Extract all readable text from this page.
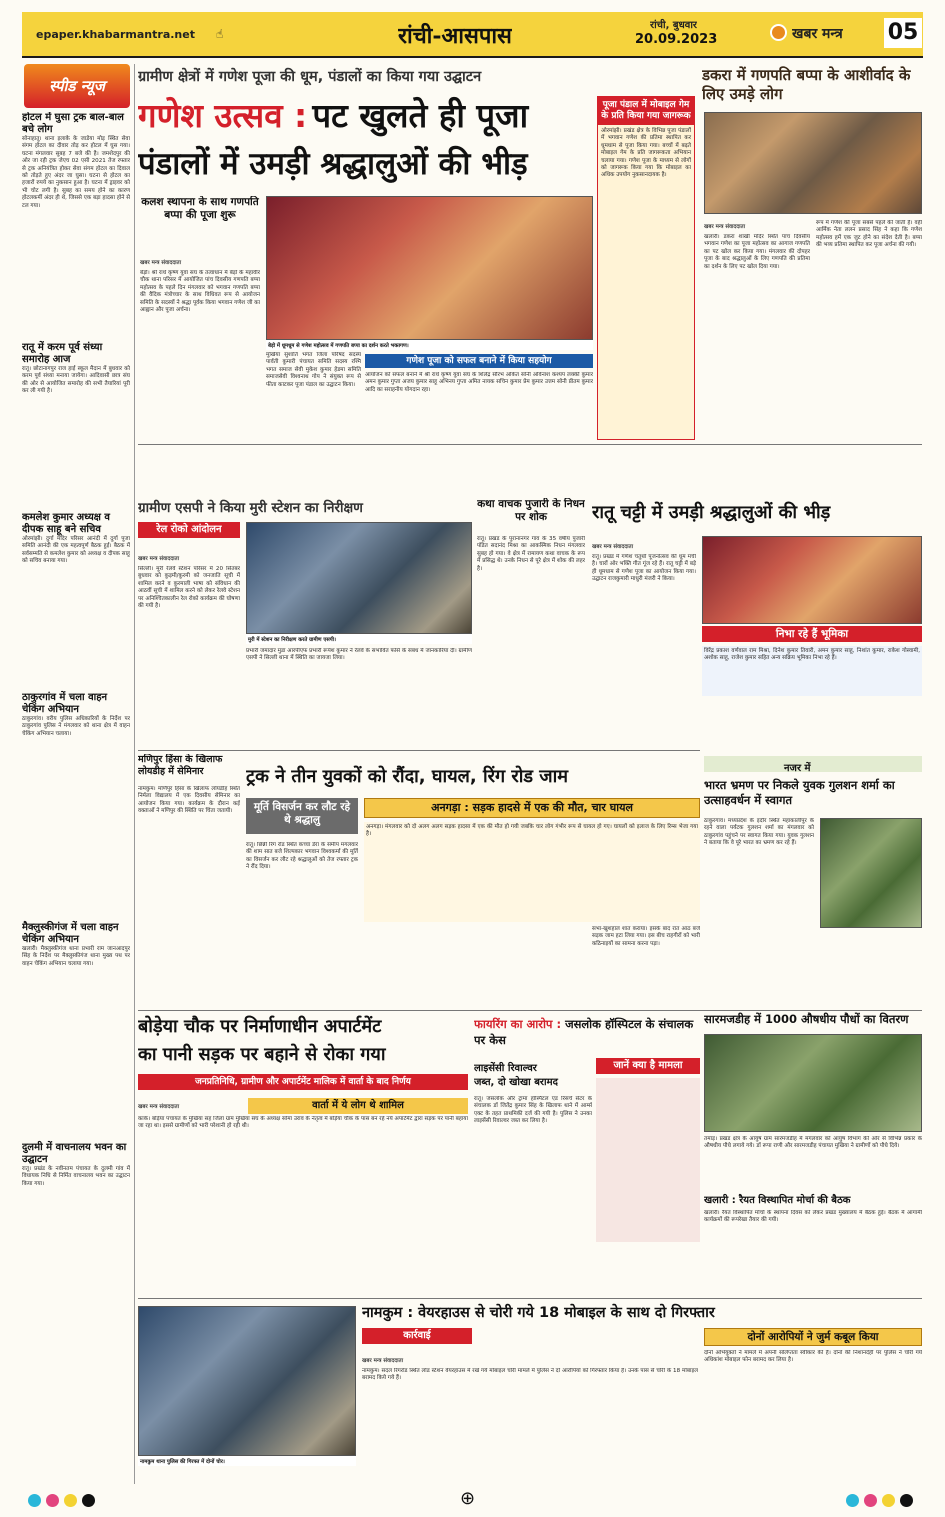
epaper.khabarmantra.net ☝	रांची-आसपास	रांची, बुधवार
20.09.2023	खबर मन्त्र 05
स्पीड न्यूज
होटल में घुसा ट्रक बाल-बाल बचे लोग
सोनाहातू। थाना इलाके के जाडेया मोड़ स्थित सेवा संगम होटल का दीवार तोड़ कर होटल में घुस गया। घटना मंगलवार सुबह 7 बजे की है। जमशेदपुर की ओर जा रही ट्रक जेएच 02 एसी 2021 तेज रफ्तार से ट्रक अनियंत्रित होकर सेवा संगम होटल का दिवाल को तोड़ते हुए अंदर जा घुसा। घटना से होटल का हजारों रुपये का नुकसान हुआ है। घटना में ड्राइवर को भी चोट लगी है। सुबह का समय होने का कारण होटलकर्मी अंदर ही थे, जिससे एक बड़ा हादसा होने से टल गया।
रातू में करम पूर्व संध्या समारोह आज
रातू। छोटानागपुर राज हाई स्कूल मैदान में बुधवार को करम पूर्व संध्या मनाया जायेगा। आदिवासी छात्र संघ की ओर से आयोजित समारोह की सभी तैयारियां पूरी कर ली गयी है।
कमलेश कुमार अध्यक्ष व दीपक साहू बने सचिव
ओरमांझी। दुर्गा मंदिर परिसर आनंदी में दुर्गा पूजा समिति आनंदी की एक महत्वपूर्ण बैठक हुई। बैठक में सर्वसम्मति से कमलेश कुमार को अध्यक्ष व दीपक साहू को सचिव बनाया गया।
ठाकुरगांव में चला वाहन चेकिंग अभियान
ठाकुरगांव। वरीय पुलिस अधिकारियों के निर्देश पर ठाकुरगांव पुलिस ने मंगलवार को थाना क्षेत्र में वाहन चेकिंग अभियान चलाया।
मैक्लुस्कीगंज में चला वाहन चेकिंग अभियान
खलारी। मैक्लुस्कीगंज थाना प्रभारी राम जानआदपुर सिंह के निर्देश पर मैक्लुस्कीगंज थाना मुख्य पथ पर वाहन चेकिंग अभियान चलाया गया।
दुलमी में वाचनालय भवन का उद्घाटन
रातू। प्रखंड के नवीनतम पंचायत के दुलमी गांव में विधायक निधि से निर्मित वाचनालय भवन का उद्घाटन किया गया।
ग्रामीण क्षेत्रों में गणेश पूजा की धूम, पंडालों का किया गया उद्घाटन
गणेश उत्सव : पट खुलते ही पूजा
पंडालों में उमड़ी श्रद्धालुओं की भीड़
कलश स्थापना के साथ गणपति बप्पा की पूजा शुरू
खबर मन्त्र संवाददाता
बेड़ो। श्री राधे कृष्ण युवा संघ के तत्वाधान में बेड़ो के महावीर चौक थाना परिसर में आयोजित पांच दिवसीय गणपति बप्पा महोत्सव के पहले दिन मंगलवार को भगवान गणपति बप्पा की वैदिक मंत्रोच्चार के साथ विधिवत रूप से आयोजन समिति के सदस्यों ने श्रद्धा पूर्वक किया भगवान गणेश जी का आह्वान और पूजा अर्चना।
बेड़ो में धूमधूम से गणेश महोत्सव में गणपति बप्पा का दर्शन करते भक्तगण।
मुखिया सुशांति भगत जिला परिषद सदस्य पार्वती कुमारी पंचायत समिति सदस्य रश्मि भगत समाज सेवी मुकेश कुमार हेडमा समिति समाजसेवी विश्वनाथ गोप ने संयुक्त रूप से फीता काटकर पूजा पंडाल का उद्घाटन किया।
गणेश पूजा को सफल बनाने में किया सहयोग
आयोजन को सफल बनाने में श्री राधे कृष्ण युवा संघ के शिलेंद्र सौरभ अंकित सोनी अविनाश कश्यप लक्की कुमार अमन कुमार गुप्ता अजय कुमार साहू अभिनय गुप्ता अमित नायक सचिन कुमार प्रेम कुमार उत्तम सोनी प्रीतम कुमार आदि का सराहनीय योगदान रहा।
पूजा पंडाल में मोबाइल गेम के प्रति किया गया जागरूक
ओरमांझी। प्रखंड क्षेत्र के विभिन्न पूजा पंडालों में भगवान गणेश की प्रतिमा स्थापित कर धूमधाम से पूजा किया गया। बच्चों में बढ़ते मोबाइल गेम के प्रति जागरूकता अभियान चलाया गया। गणेश पूजा के माध्यम से लोगों को जागरूक किया गया कि मोबाइल का अधिक उपयोग नुकसानदायक है।
डकरा में गणपति बप्पा के आशीर्वाद के लिए उमड़े लोग
खबर मन्त्र संवाददाता
खलारी। डकरा शाखी मंदिर स्थित पांच दिवसीय भगवान गणेश का पूजा महोत्सव का आगाज गणपति का पट खोल कर किया गया। मंगलवार की दोपहर पूजा के बाद श्रद्धालुओं के लिए गणपति की प्रतिमा का दर्शन के लिए पट खोल दिया गया।
रूप में गणेश की पूजा सबसे पहले की जाती है। वहीं आर्मिक नेता ललन प्रसाद सिंह ने कहा कि गणेश महोत्सव हमें एक जुट होने का संदेश देती है। बप्पा की भव्य प्रतिमा स्थापित कर पूजा अर्चना की गयी।
ग्रामीण एसपी ने किया मुरी स्टेशन का निरीक्षण
रेल रोको आंदोलन
खबर मन्त्र संवाददाता
सिल्ली। मुरी रेलवे स्टेशन परिसर में 20 सितंबर बुधवार को कुड़मी/कुरमी को जनजाति सूची में शामिल करने व कुरमाली भाषा को संविधान की आठवीं सूची में शामिल करने को लेकर रेलवे स्टेशन पर अनिश्चितकालीन रेल रोको कार्यक्रम की घोषणा की गयी है।
मुरी में स्टेशन का निरीक्षण करते ग्रामीण एसपी।
प्रभारी जमादार मुंडा आरपीएफ प्रभारी रूपेश कुमार ने रेलवे के संभावित फोर्स के संबंध में जानकारियां दी। ग्रामीण एसपी ने सिल्ली थाना में स्थिति का जायजा लिया।
कथा वाचक पुजारी के निधन पर शोक
रातू। प्रखंड के पुरानानगर गांव के 35 वर्षीय पुजारी पंडित सदानंद मिश्रा का आकस्मिक निधन मंगलवार सुबह हो गया। वे क्षेत्र में रामायण कथा वाचक के रूप में प्रसिद्ध थे। उनके निधन से पूरे क्षेत्र में शोक की लहर है।
रातू चट्टी में उमड़ी श्रद्धालुओं की भीड़
खबर मन्त्र संवाददाता
रातू। प्रखंड में गणेश चतुर्थी पूजनोत्सव की धूम मची है। चारों ओर भक्ति गीत गूंज रहे हैं। रातू चट्टी में बड़े ही धूमधाम से गणेश पूजा का आयोजन किया गया। उद्घाटन राजकुमारी माधुरी मंजरी ने किया।
निभा रहे हैं भूमिका
विरेंद्र प्रकाश वर्णवाल राम मिश्रा, दिनेश कुमार तिवारी, अमन कुमार साहू, निशांत कुमार, राकेश गोस्वामी, अशोक साहू, राजेश कुमार सहित अन्य सक्रिय भूमिका निभा रहे हैं।
मणिपुर हिंसा के खिलाफ लोयडीह में सेमिनार
नामकुम। मणिपुर हिंसा के खिलाफ लोयडीह स्थित निर्मला विद्यालय में एक दिवसीय सेमिनार का आयोजन किया गया। कार्यक्रम के दौरान कई वक्ताओं ने मणिपुर की स्थिति पर चिंता जतायी।
ट्रक ने तीन युवकों को रौंदा, घायल, रिंग रोड जाम
मूर्ति विसर्जन कर लौट रहे थे श्रद्धालु
रातू। छिन्नी रिंग रोड स्थित कच्चा डेरा के समीप मंगलवार की शाम सात बजे शिल्पकार भगवान विश्वकर्मा की मूर्ति का विसर्जन कर लौट रहे श्रद्धालुओं को तेज रफ्तार ट्रक ने रौंद दिया।
अनगड़ा : सड़क हादसे में एक की मौत, चार घायल
अनगड़ा। मंगलवार को दो अलग अलग सड़क हादसा में एक की मौत हो गयी जबकि चार लोग गंभीर रूप से घायल हो गए। घायलों को इलाज के लिए रिम्स भेजा गया है।
सभा-खुशहाल शांत कराया। इसके बाद रात आठ बजे सड़क जाम हटा लिया गया। इस बीच राहगीरों को भारी कठिनाइयों का सामना करना पड़ा।
नजर में
भारत भ्रमण पर निकले युवक गुलशन शर्मा का उत्साहवर्धन में स्वागत
ठाकुरगांव। मध्यप्रदेश के इंदौर स्थित महाकालीपुर के रहने वाला पर्यटक गुलशन शर्मा का मंगलवार को ठाकुरगांव पहुंचने पर स्वागत किया गया। युवक गुलशन ने बताया कि वे पूरे भारत का भ्रमण कर रहे हैं।
बोड़ेया चौक पर निर्माणाधीन अपार्टमेंट
का पानी सड़क पर बहाने से रोका गया
जनप्रतिनिधि, ग्रामीण और अपार्टमेंट मालिक में वार्ता के बाद निर्णय
वार्ता में ये लोग थे शामिल
खबर मन्त्र संवाददाता
कांके। बोड़ेया पंचायत के मुखिया सह जिला ग्राम मुखिया संघ के अध्यक्ष सोमा उरांव के नेतृत्व में बोड़ेया चौक के पास बन रहे नये अपार्टमेंट द्वारा सड़क पर पानी बहाया जा रहा था। इससे ग्रामीणों को भारी परेशानी हो रही थी।
फायरिंग का आरोप : जसलोक हॉस्पिटल के संचालक पर केस
लाइसेंसी रिवाल्वर
जब्त, दो खोखा बरामद
रातू। जसलोक और ट्रामा हॉस्पिटल एंड रिसर्च सेंटर के संचालक डॉ जितेंद्र कुमार सिंह के खिलाफ थाने में आर्म्स एक्ट के तहत प्राथमिकी दर्ज की गयी है। पुलिस ने उनका लाइसेंसी रिवाल्वर जब्त कर लिया है।
जानें क्या है मामला
सारमजडीह में 1000 औषधीय पौधों का वितरण
तमाड़। प्रखंड क्षेत्र के आयुष ग्राम सारमजडीह में मंगलवार को आयुष विभाग की ओर से विभिन्न प्रकार के औषधीय पौधे लगाये गये। डॉ रूपा राणी और सारमजडीह पंचायत मुखिया ने ग्रामीणों को पौधे दिये।
खलारी : रैयत विस्थापित मोर्चा की बैठक
खलारी। रैयत विस्थापित मोर्चा के स्थापना दिवस को लेकर प्रखंड मुख्यालय में बैठक हुई। बैठक में आगामी कार्यक्रमों की रूपरेखा तैयार की गयी।
नामकुम थाना पुलिस की गिरफ्त में दोनों चोर।
नामकुम : वेयरहाउस से चोरी गये 18 मोबाइल के साथ दो गिरफ्तार
कार्रवाई
खबर मन्त्र संवाददाता
नामकुम। सदल रिंगरोड स्थित लोड स्टेशन वेयरहाउस में रखे गये मोबाइल चोरी मामले में पुलिस ने दो आरोपियों को गिरफ्तार किया है। उनके पास से चोरी के 18 मोबाइल बरामद किये गये हैं।
दोनों आरोपियों ने जुर्म कबूल किया
दोनों अभियुक्तों ने मामले में अपनी संलिप्तता स्वीकार की है। दोनों की निशानदेही पर पुलिस ने चोरी गये अधिकांश मोबाइल फोन बरामद कर लिया है।
⊕
